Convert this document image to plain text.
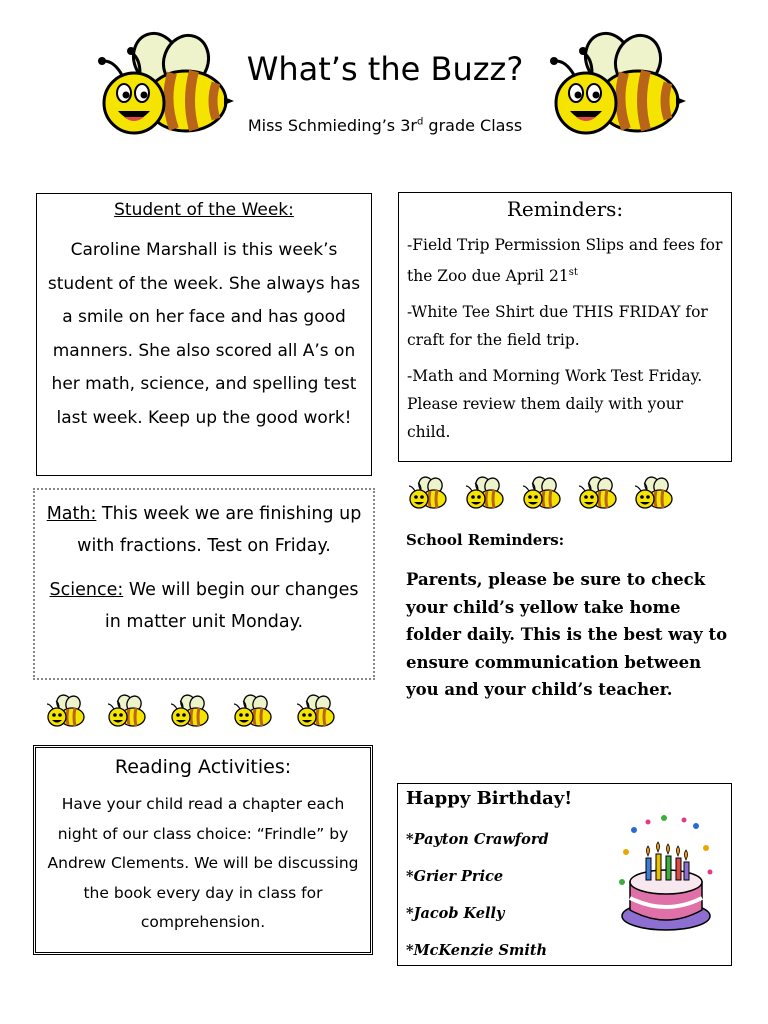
What’s the Buzz?
Miss Schmieding’s $3r^d$ grade Class
Student of the Week:
Caroline Marshall is this week’s student of the week. She always has a smile on her face and has good manners. She also scored all A’s on her math, science, and spelling test last week. Keep up the good work!
Reminders:
-Field Trip Permission Slips and fees for the Zoo due April 21st
-White Tee Shirt due THIS FRIDAY for craft for the field trip.
-Math and Morning Work Test Friday. Please review them daily with your child.
Math: This week we are finishing up with fractions. Test on Friday.
Science: We will begin our changes in matter unit Monday.
Reading Activities:
Have your child read a chapter each night of our class choice: “Frindle” by Andrew Clements. We will be discussing the book every day in class for comprehension.
School Reminders:
Parents, please be sure to check your child’s yellow take home folder daily. This is the best way to ensure communication between you and your child’s teacher.
Happy Birthday!
*Payton Crawford
*Grier Price
*Jacob Kelly
*McKenzie Smith
